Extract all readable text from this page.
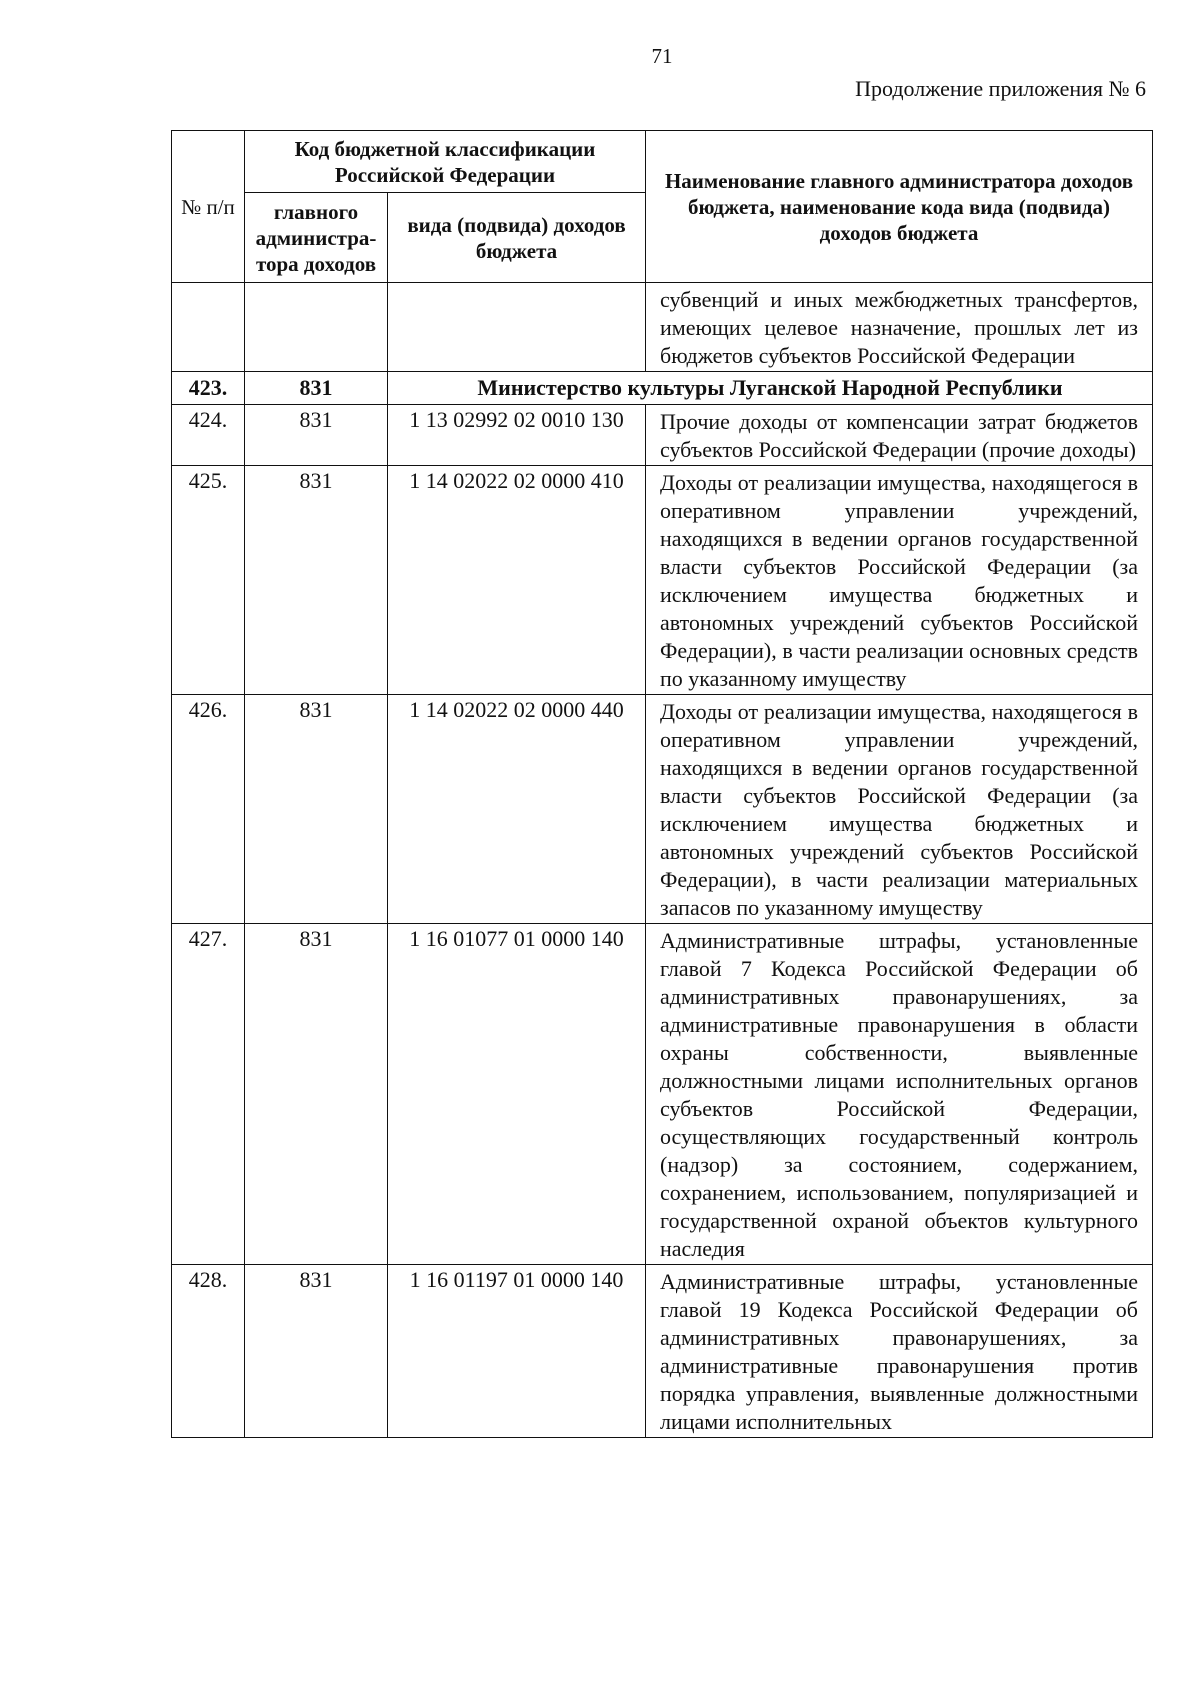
71
Продолжение приложения № 6
№ п/п	Код бюджетной классификации Российской Федерации		Наименование главного администратора доходов бюджета, наименование кода вида (подвида) доходов бюджета
	главного администра-тора доходов	вида (подвида) доходов бюджета	
			субвенций и иных межбюджетных трансфертов, имеющих целевое назначение, прошлых лет из бюджетов субъектов Российской Федерации
423.	831	Министерство культуры Луганской Народной Республики	
424.	831	1 13 02992 02 0010 130	Прочие доходы от компенсации затрат бюджетов субъектов Российской Федерации (прочие доходы)
425.	831	1 14 02022 02 0000 410	Доходы от реализации имущества, находящегося в оперативном управлении учреждений, находящихся в ведении органов государственной власти субъектов Российской Федерации (за исключением имущества бюджетных и автономных учреждений субъектов Российской Федерации), в части реализации основных средств по указанному имуществу
426.	831	1 14 02022 02 0000 440	Доходы от реализации имущества, находящегося в оперативном управлении учреждений, находящихся в ведении органов государственной власти субъектов Российской Федерации (за исключением имущества бюджетных и автономных учреждений субъектов Российской Федерации), в части реализации материальных запасов по указанному имуществу
427.	831	1 16 01077 01 0000 140	Административные штрафы, установленные главой 7 Кодекса Российской Федерации об административных правонарушениях, за административные правонарушения в области охраны собственности, выявленные должностными лицами исполнительных органов субъектов Российской Федерации, осуществляющих государственный контроль (надзор) за состоянием, содержанием, сохранением, использованием, популяризацией и государственной охраной объектов культурного наследия
428.	831	1 16 01197 01 0000 140	Административные штрафы, установленные главой 19 Кодекса Российской Федерации об административных правонарушениях, за административные правонарушения против порядка управления, выявленные должностными лицами исполнительных
